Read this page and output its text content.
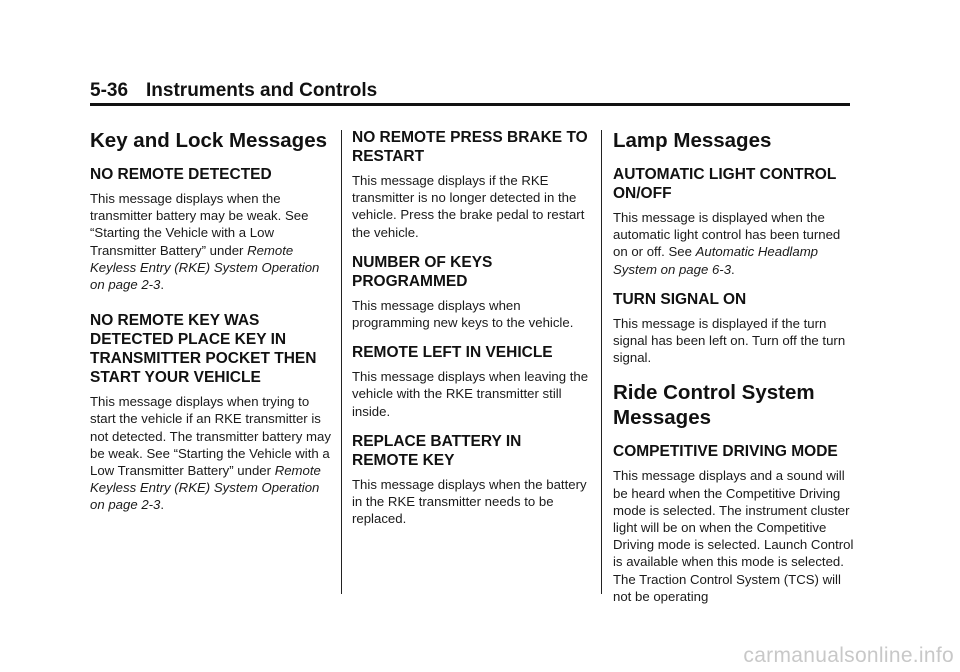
5-36 Instruments and Controls
Key and Lock Messages
NO REMOTE DETECTED

This message displays when the transmitter battery may be weak. See “Starting the Vehicle with a Low Transmitter Battery” under Remote Keyless Entry (RKE) System Operation on page 2-3.

NO REMOTE KEY WAS DETECTED PLACE KEY IN TRANSMITTER POCKET THEN START YOUR VEHICLE

This message displays when trying to start the vehicle if an RKE transmitter is not detected. The transmitter battery may be weak. See “Starting the Vehicle with a Low Transmitter Battery” under Remote Keyless Entry (RKE) System Operation on page 2-3.

NO REMOTE PRESS BRAKE TO RESTART

This message displays if the RKE transmitter is no longer detected in the vehicle. Press the brake pedal to restart the vehicle.

NUMBER OF KEYS PROGRAMMED

This message displays when programming new keys to the vehicle.

REMOTE LEFT IN VEHICLE

This message displays when leaving the vehicle with the RKE transmitter still inside.

REPLACE BATTERY IN REMOTE KEY

This message displays when the battery in the RKE transmitter needs to be replaced.

Lamp Messages
AUTOMATIC LIGHT CONTROL ON/OFF

This message is displayed when the automatic light control has been turned on or off. See Automatic Headlamp System on page 6-3.

TURN SIGNAL ON

This message is displayed if the turn signal has been left on. Turn off the turn signal.

Ride Control System Messages
COMPETITIVE DRIVING MODE

This message displays and a sound will be heard when the Competitive Driving mode is selected. The instrument cluster light will be on when the Competitive Driving mode is selected. Launch Control is available when this mode is selected. The Traction Control System (TCS) will not be operating

carmanualsonline.info
